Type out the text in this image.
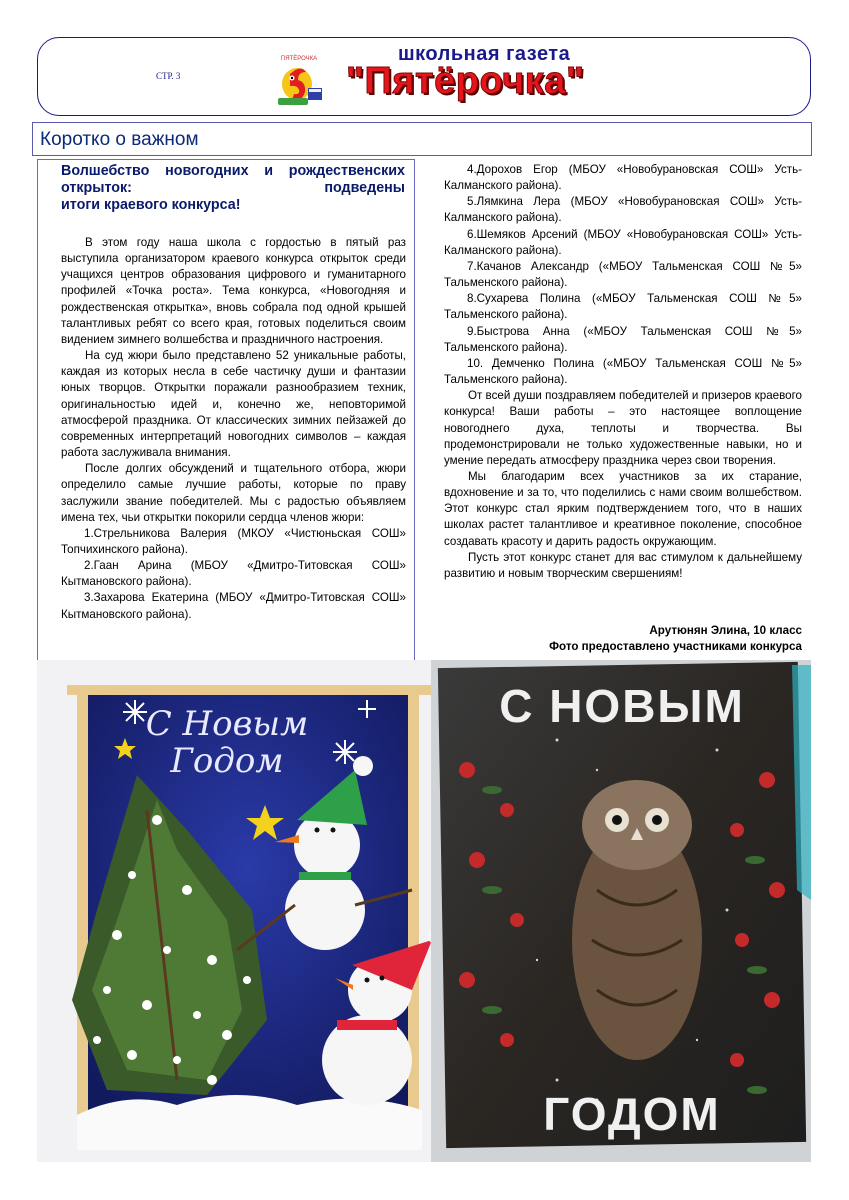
СТР. 3
ПЯТЁРОЧКА	школьная газета
"Пятёрочка"
Коротко о важном
Волшебство новогодних и рождественских открыток: подведены
итоги краевого конкурса!

В этом году наша школа с гордостью в пятый раз выступила организатором краевого конкурса открыток среди учащихся центров образования цифрового и гуманитарного профилей «Точка роста». Тема конкурса, «Новогодняя и рождественская открытка», вновь собрала под одной крышей талантливых ребят со всего края, готовых поделиться своим видением зимнего волшебства и праздничного настроения.

На суд жюри было представлено 52 уникальные работы, каждая из которых несла в себе частичку души и фантазии юных творцов. Открытки поражали разнообразием техник, оригинальностью идей и, конечно же, неповторимой атмосферой праздника. От классических зимних пейзажей до современных интерпретаций новогодних символов – каждая работа заслуживала внимания.

После долгих обсуждений и тщательного отбора, жюри определило самые лучшие работы, которые по праву заслужили звание победителей. Мы с радостью объявляем имена тех, чьи открытки покорили сердца членов жюри:

1.Стрельникова Валерия (МКОУ «Чистюньская СОШ» Топчихинского района).

2.Гаан Арина (МБОУ «Дмитро-Титовская СОШ» Кытмановского района).

3.Захарова Екатерина (МБОУ «Дмитро-Титовская СОШ» Кытмановского района).

4.Дорохов Егор (МБОУ «Новобурановская СОШ» Усть-Калманского района).

5.Лямкина Лера (МБОУ «Новобурановская СОШ» Усть-Калманского района).

6.Шемяков Арсений (МБОУ «Новобурановская СОШ» Усть-Калманского района).

7.Качанов Александр («МБОУ Тальменская СОШ №5» Тальменского района).

8.Сухарева Полина («МБОУ Тальменская СОШ №5» Тальменского района).

9.Быстрова Анна («МБОУ Тальменская СОШ №5» Тальменского района).

10. Демченко Полина («МБОУ Тальменская СОШ №5» Тальменского района).

От всей души поздравляем победителей и призеров краевого конкурса! Ваши работы – это настоящее воплощение новогоднего духа, теплоты и творчества. Вы продемонстрировали не только художественные навыки, но и умение передать атмосферу праздника через свои творения.

Мы благодарим всех участников за их старание, вдохновение и за то, что поделились с нами своим волшебством. Этот конкурс стал ярким подтверждением того, что в наших школах растет талантливое и креативное поколение, способное создавать красоту и дарить радость окружающим.

Пусть этот конкурс станет для вас стимулом к дальнейшему развитию и новым творческим свершениям!

Арутюнян Элина, 10 класс
Фото предоставлено участниками конкурса
С Новым
Годом
С НОВЫМ
ГОДОМ
